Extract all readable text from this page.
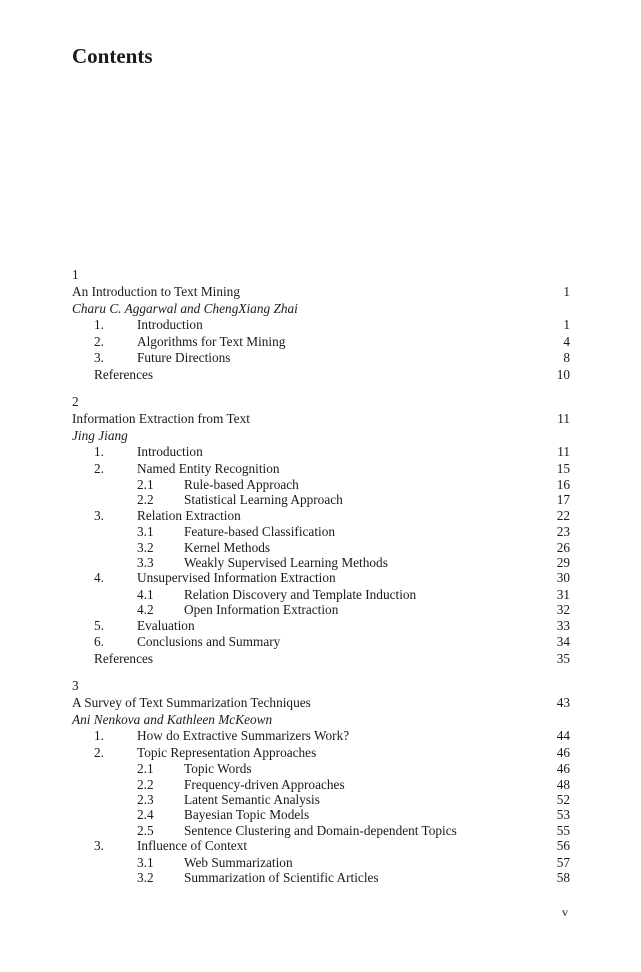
Contents
1
An Introduction to Text Mining	1
Charu C. Aggarwal and ChengXiang Zhai
1. Introduction	1
2. Algorithms for Text Mining	4
3. Future Directions	8
References	10
2
Information Extraction from Text	11
Jing Jiang
1. Introduction	11
2. Named Entity Recognition	15
2.1 Rule-based Approach	16
2.2 Statistical Learning Approach	17
3. Relation Extraction	22
3.1 Feature-based Classification	23
3.2 Kernel Methods	26
3.3 Weakly Supervised Learning Methods	29
4. Unsupervised Information Extraction	30
4.1 Relation Discovery and Template Induction	31
4.2 Open Information Extraction	32
5. Evaluation	33
6. Conclusions and Summary	34
References	35
3
A Survey of Text Summarization Techniques	43
Ani Nenkova and Kathleen McKeown
1. How do Extractive Summarizers Work?	44
2. Topic Representation Approaches	46
2.1 Topic Words	46
2.2 Frequency-driven Approaches	48
2.3 Latent Semantic Analysis	52
2.4 Bayesian Topic Models	53
2.5 Sentence Clustering and Domain-dependent Topics	55
3. Influence of Context	56
3.1 Web Summarization	57
3.2 Summarization of Scientific Articles	58
v
